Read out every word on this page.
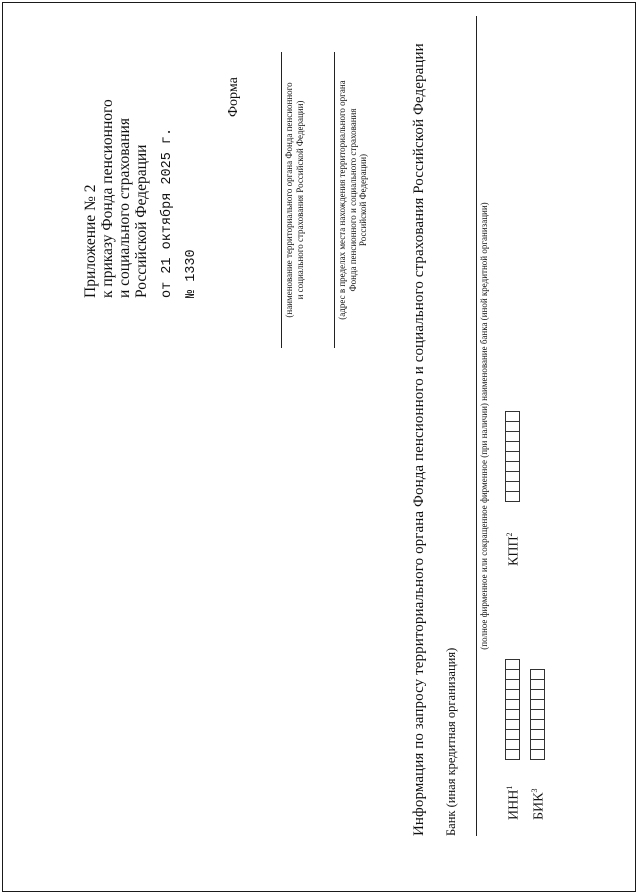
Приложение № 2 к приказу Фонда пенсионного и социального страхования Российской Федерации от 21 октября 2025 г. № 1330
Форма	(наименование территориального органа Фонда пенсионного и социального страхования Российской Федерации)	(адрес в пределах места нахождения территориального органа Фонда пенсионного и социального страхования Российской Федерации)	Информация по запросу территориального органа Фонда пенсионного и социального страхования Российской Федерации Банк (иная кредитная организация)
(полное фирменное или сокращенное фирменное (при наличии) наименование банка (иной кредитной организации)
ИНН$^1$
КПП$^2$
БИК$^3$
